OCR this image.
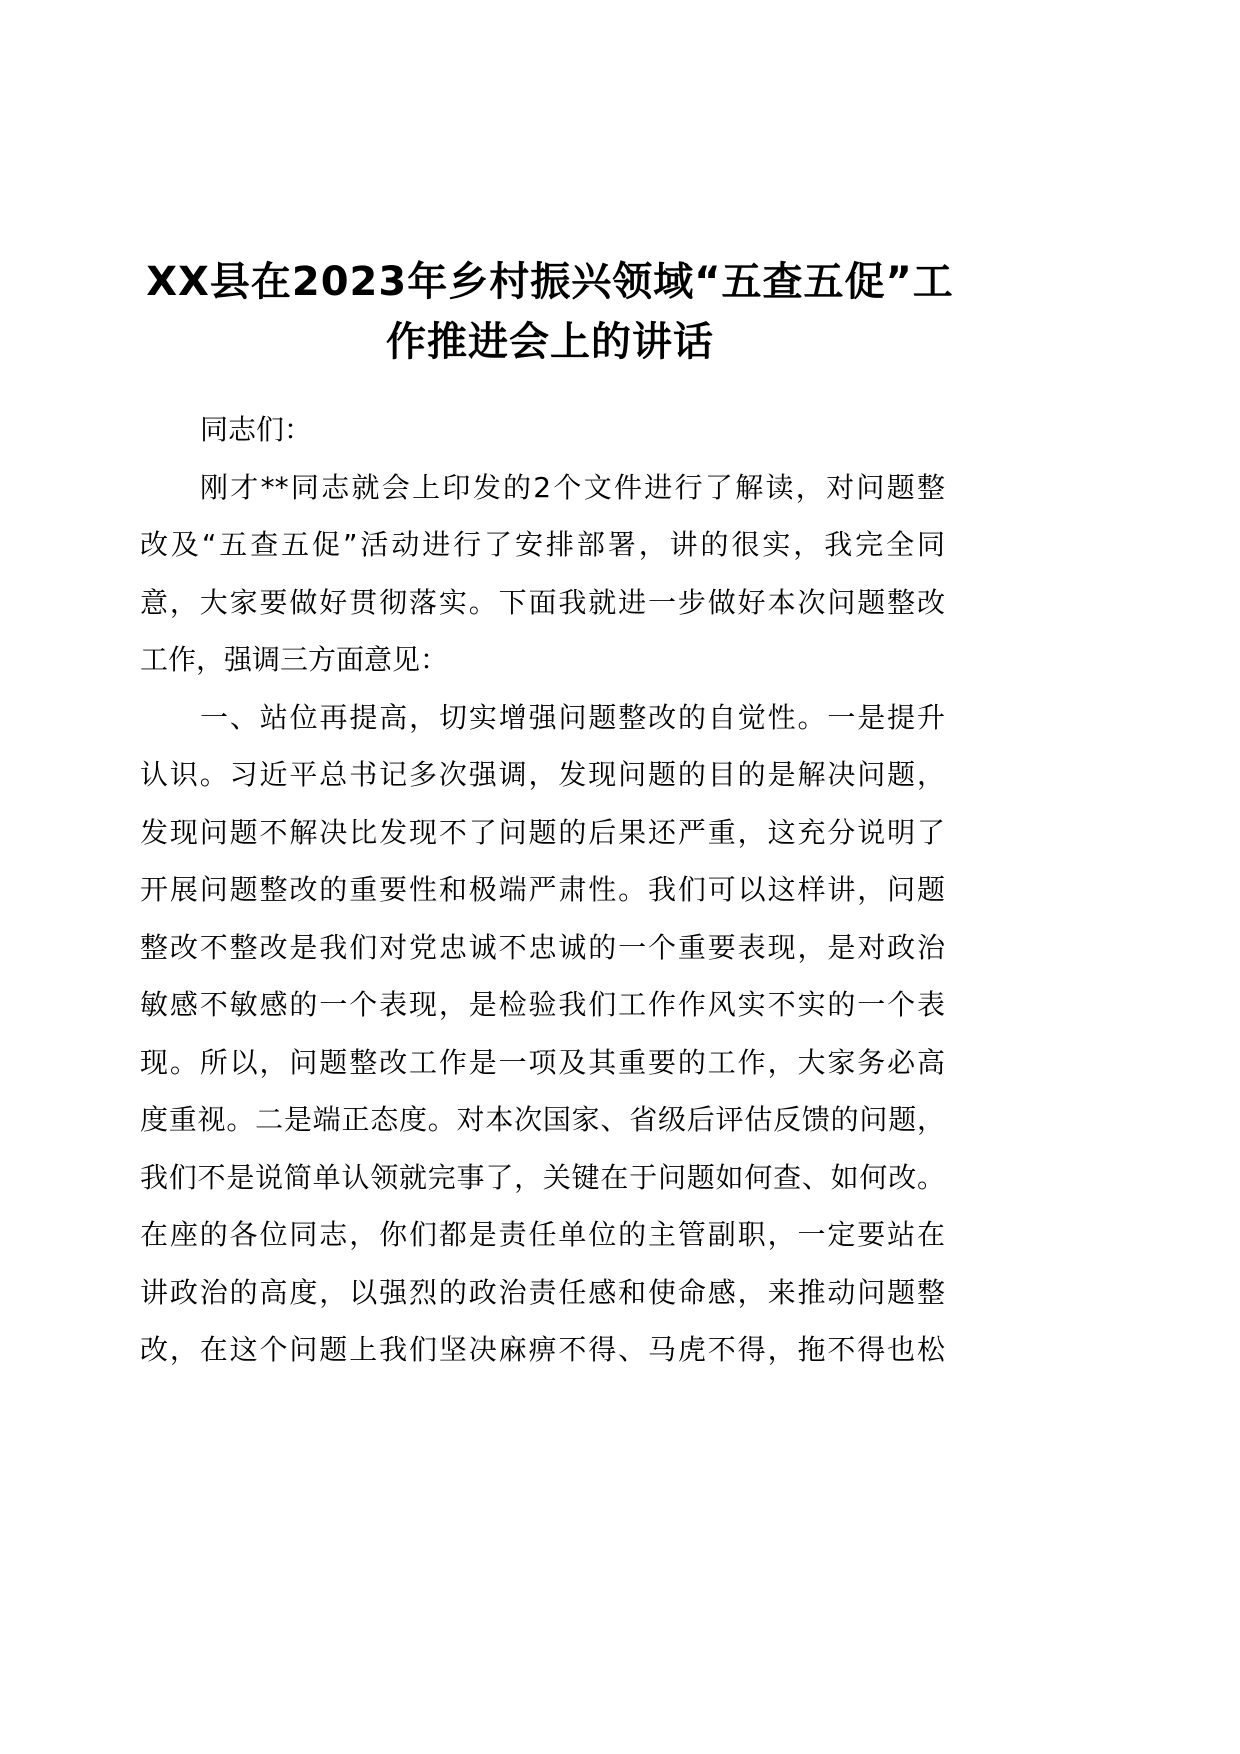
XX县在2023年乡村振兴领域“五查五促”工
作推进会上的讲话
同志们：
刚才**同志就会上印发的2个文件进行了解读，对问题整
改及“五查五促”活动进行了安排部署，讲的很实，我完全同
意，大家要做好贯彻落实。下面我就进一步做好本次问题整改
工作，强调三方面意见：
一、站位再提高，切实增强问题整改的自觉性。一是提升
认识。习近平总书记多次强调，发现问题的目的是解决问题，
发现问题不解决比发现不了问题的后果还严重，这充分说明了
开展问题整改的重要性和极端严肃性。我们可以这样讲，问题
整改不整改是我们对党忠诚不忠诚的一个重要表现，是对政治
敏感不敏感的一个表现，是检验我们工作作风实不实的一个表
现。所以，问题整改工作是一项及其重要的工作，大家务必高
度重视。二是端正态度。对本次国家、省级后评估反馈的问题，
我们不是说简单认领就完事了，关键在于问题如何查、如何改。
在座的各位同志，你们都是责任单位的主管副职，一定要站在
讲政治的高度，以强烈的政治责任感和使命感，来推动问题整
改，在这个问题上我们坚决麻痹不得、马虎不得，拖不得也松
